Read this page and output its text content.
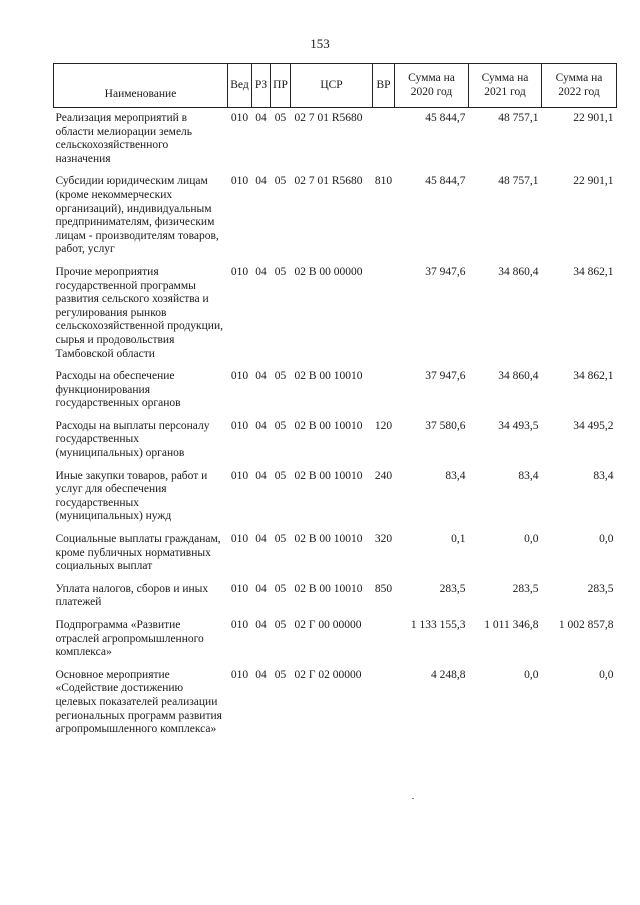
153
Наименование	Вед	РЗ	ПР	ЦСР	ВР	Сумма на 2020 год	Сумма на 2021 год	Сумма на 2022 год
Реализация мероприятий в области мелиорации земель сельскохозяйственного назначения	010	04	05	02 7 01 R5680		45 844,7	48 757,1	22 901,1
Субсидии юридическим лицам (кроме некоммерческих организаций), индивидуальным предпринимателям, физическим лицам - производителям товаров, работ, услуг	010	04	05	02 7 01 R5680	810	45 844,7	48 757,1	22 901,1
Прочие мероприятия государственной программы развития сельского хозяйства и регулирования рынков сельскохозяйственной продукции, сырья и продовольствия Тамбовской области	010	04	05	02 В 00 00000		37 947,6	34 860,4	34 862,1
Расходы на обеспечение функционирования государственных органов	010	04	05	02 В 00 10010		37 947,6	34 860,4	34 862,1
Расходы на выплаты персоналу государственных (муниципальных) органов	010	04	05	02 В 00 10010	120	37 580,6	34 493,5	34 495,2
Иные закупки товаров, работ и услуг для обеспечения государственных (муниципальных) нужд	010	04	05	02 В 00 10010	240	83,4	83,4	83,4
Социальные выплаты гражданам, кроме публичных нормативных социальных выплат	010	04	05	02 В 00 10010	320	0,1	0,0	0,0
Уплата налогов, сборов и иных платежей	010	04	05	02 В 00 10010	850	283,5	283,5	283,5
Подпрограмма «Развитие отраслей агропромышленного комплекса»	010	04	05	02 Г 00 00000		1 133 155,3	1 011 346,8	1 002 857,8
Основное мероприятие «Содействие достижению целевых показателей реализации региональных программ развития агропромышленного комплекса»	010	04	05	02 Г 02 00000		4 248,8	0,0	0,0
